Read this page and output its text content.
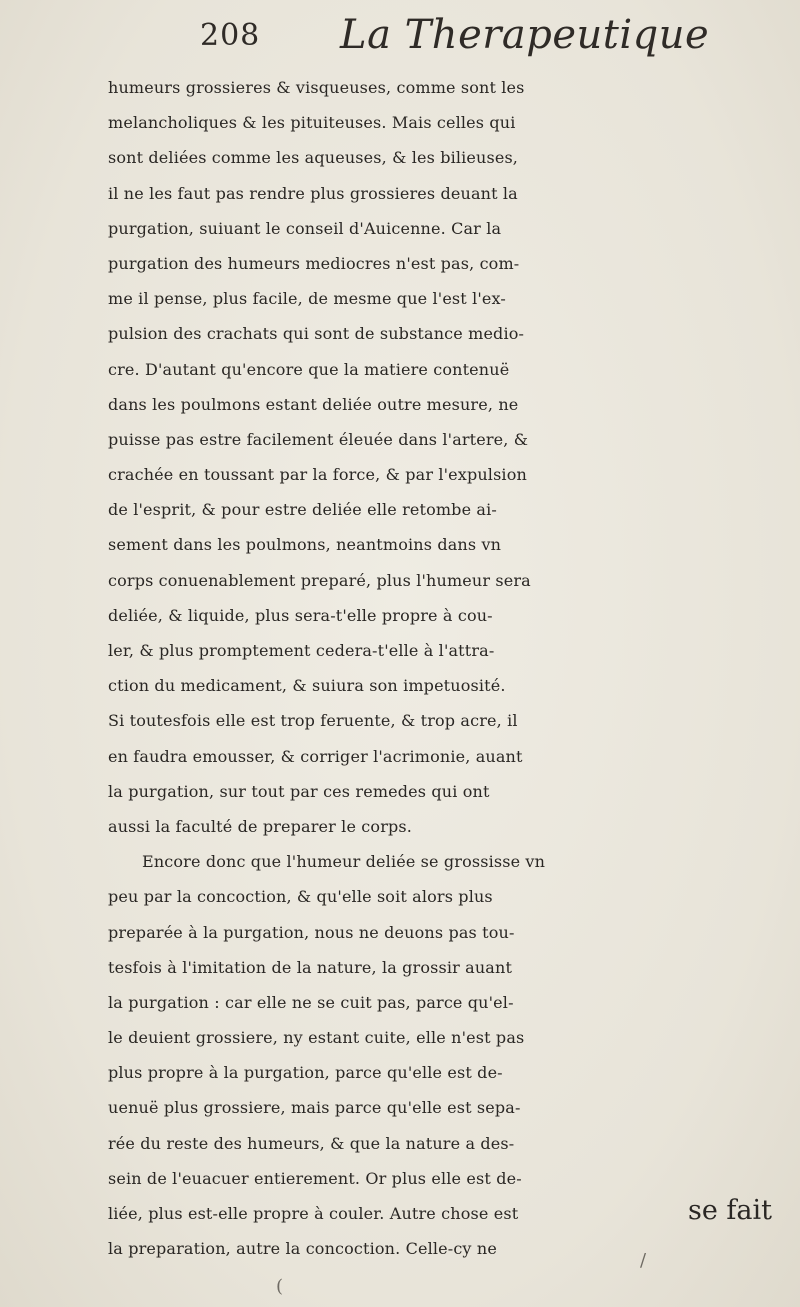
208 La Therapeutique
humeurs grossieres & visqueuses, comme sont les
melancholiques & les pituiteuses. Mais celles qui
sont deliées comme les aqueuses, & les bilieuses,
il ne les faut pas rendre plus grossieres deuant la
purgation, suiuant le conseil d'Auicenne. Car la
purgation des humeurs mediocres n'est pas, com-
me il pense, plus facile, de mesme que l'est l'ex-
pulsion des crachats qui sont de substance medio-
cre. D'autant qu'encore que la matiere contenuë
dans les poulmons estant deliée outre mesure, ne
puisse pas estre facilement éleuée dans l'artere, &
crachée en toussant par la force, & par l'expulsion
de l'esprit, & pour estre deliée elle retombe ai-
sement dans les poulmons, neantmoins dans vn
corps conuenablement preparé, plus l'humeur sera
deliée, & liquide, plus sera-t'elle propre à cou-
ler, & plus promptement cedera-t'elle à l'attra-
ction du medicament, & suiura son impetuosité.
Si toutesfois elle est trop feruente, & trop acre, il
en faudra emousser, & corriger l'acrimonie, auant
la purgation, sur tout par ces remedes qui ont
aussi la faculté de preparer le corps.
Encore donc que l'humeur deliée se grossisse vn
peu par la concoction, & qu'elle soit alors plus
preparée à la purgation, nous ne deuons pas tou-
tesfois à l'imitation de la nature, la grossir auant
la purgation : car elle ne se cuit pas, parce qu'el-
le deuient grossiere, ny estant cuite, elle n'est pas
plus propre à la purgation, parce qu'elle est de-
uenuë plus grossiere, mais parce qu'elle est sepa-
rée du reste des humeurs, & que la nature a des-
sein de l'euacuer entierement. Or plus elle est de-
liée, plus est-elle propre à couler. Autre chose est
la preparation, autre la concoction. Celle-cy ne
se fait
(
/
